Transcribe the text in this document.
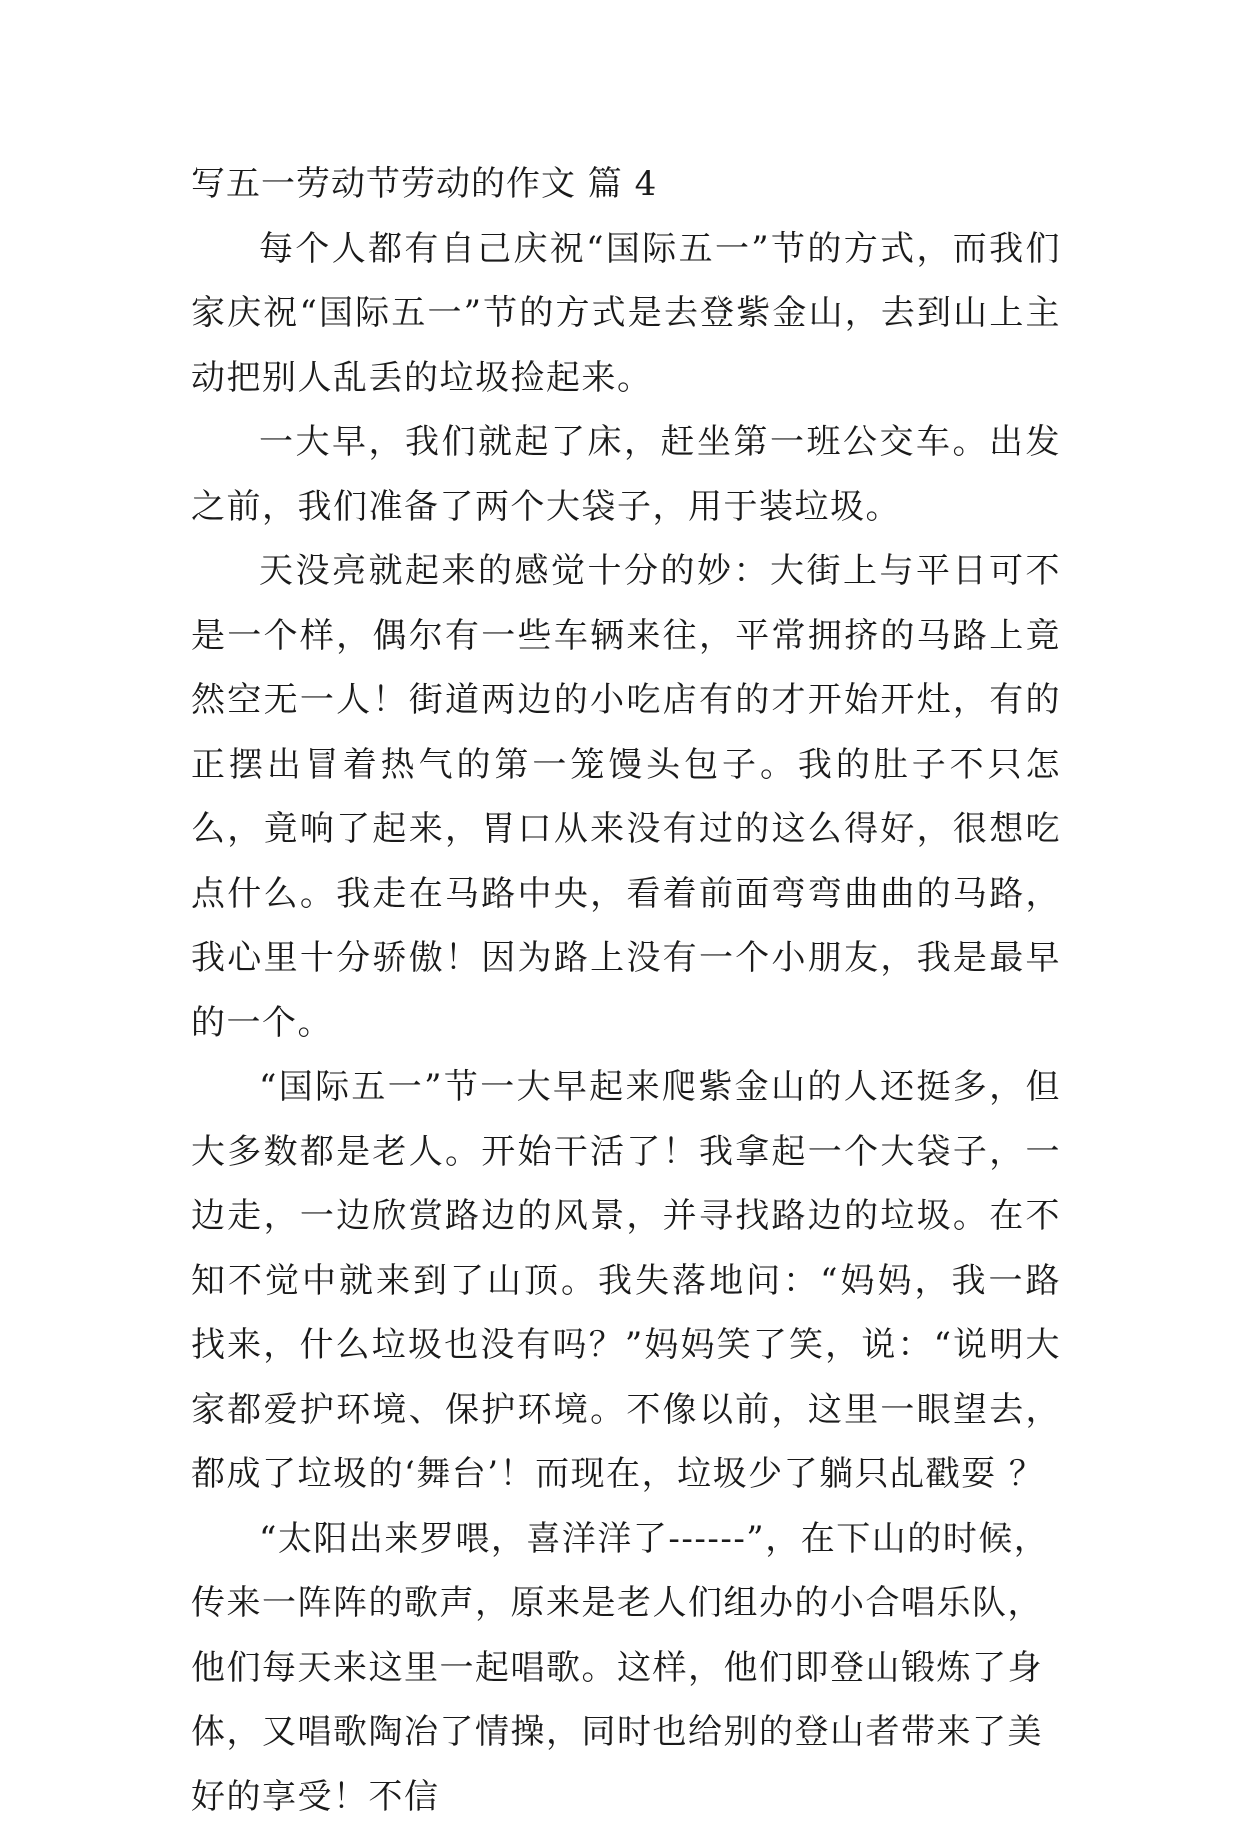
写五一劳动节劳动的作文 篇 4

每个人都有自己庆祝“国际五一”节的方式，而我们家庆祝“国际五一”节的方式是去登紫金山，去到山上主动把别人乱丢的垃圾捡起来。

一大早，我们就起了床，赶坐第一班公交车。出发之前，我们准备了两个大袋子，用于装垃圾。

天没亮就起来的感觉十分的妙：大街上与平日可不是一个样，偶尔有一些车辆来往，平常拥挤的马路上竟然空无一人！街道两边的小吃店有的才开始开灶，有的正摆出冒着热气的第一笼馒头包子。我的肚子不只怎么，竟响了起来，胃口从来没有过的这么得好，很想吃点什么。我走在马路中央，看着前面弯弯曲曲的马路，我心里十分骄傲！因为路上没有一个小朋友，我是最早的一个。

“国际五一”节一大早起来爬紫金山的人还挺多，但大多数都是老人。开始干活了！我拿起一个大袋子，一边走，一边欣赏路边的风景，并寻找路边的垃圾。在不知不觉中就来到了山顶。我失落地问：“妈妈，我一路找来，什么垃圾也没有吗？”妈妈笑了笑，说：“说明大家都爱护环境、保护环境。不像以前，这里一眼望去，都成了垃圾的‘舞台’！而现在，垃圾少了躺只乩戳耍 ？

“太阳出来罗喂，喜洋洋了------”，在下山的时候，传来一阵阵的歌声，原来是老人们组办的小合唱乐队，他们每天来这里一起唱歌。这样，他们即登山锻炼了身体，又唱歌陶冶了情操，同时也给别的登山者带来了美好的享受！不信
